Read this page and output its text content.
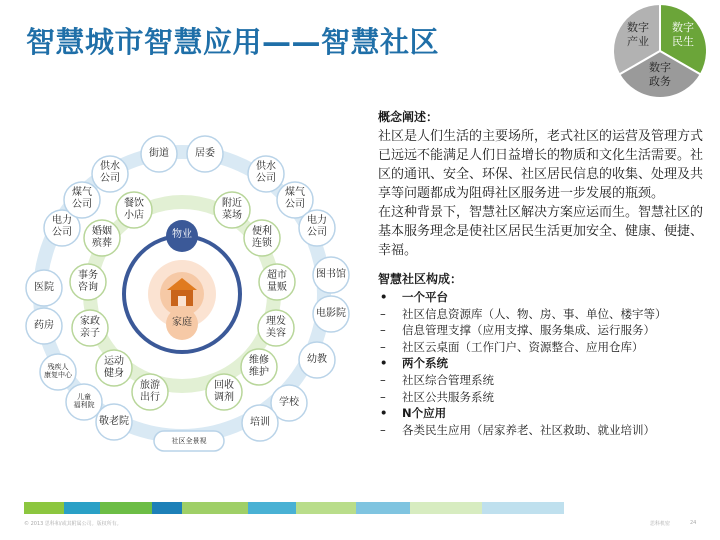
智慧城市智慧应用——智慧社区	数字
产业
数字
民生
数字
政务
街道	居委
供水
公司
煤气
公司
电力
公司
图书馆
电影院
幼教
学校
培训
社区全景视
敬老院
儿童
福利院
残疾人
康复中心
药房
医院
电力
公司
煤气
公司
供水
公司
餐饮
小店
附近
菜场
便利
连锁
超市
量贩
理发
美容
维修
维护
回收
调剂
旅游
出行
运动
健身
家政
亲子
事务
咨询
婚姻
殡葬
物业
家庭
概念阐述：

社区是人们生活的主要场所，老式社区的运营及管理方式已远远不能满足人们日益增长的物质和文化生活需要。社区的通讯、安全、环保、社区居民信息的收集、处理及共享等问题都成为阻碍社区服务进一步发展的瓶颈。

在这种背景下，智慧社区解决方案应运而生。智慧社区的基本服务理念是使社区居民生活更加安全、健康、便捷、幸福。

智慧社区构成：
• 一个平台
– 社区信息资源库（人、物、房、事、单位、楼宇等）
– 信息管理支撑（应用支撑、服务集成、运行服务）
– 社区云桌面（工作门户、资源整合、应用仓库）
• 两个系统
– 社区综合管理系统
– 社区公共服务系统
• N个应用
– 各类民生应用（居家养老、社区救助、就业培训）
© 2013 思科和/或其附属公司。版权所有。	思科机密	24
